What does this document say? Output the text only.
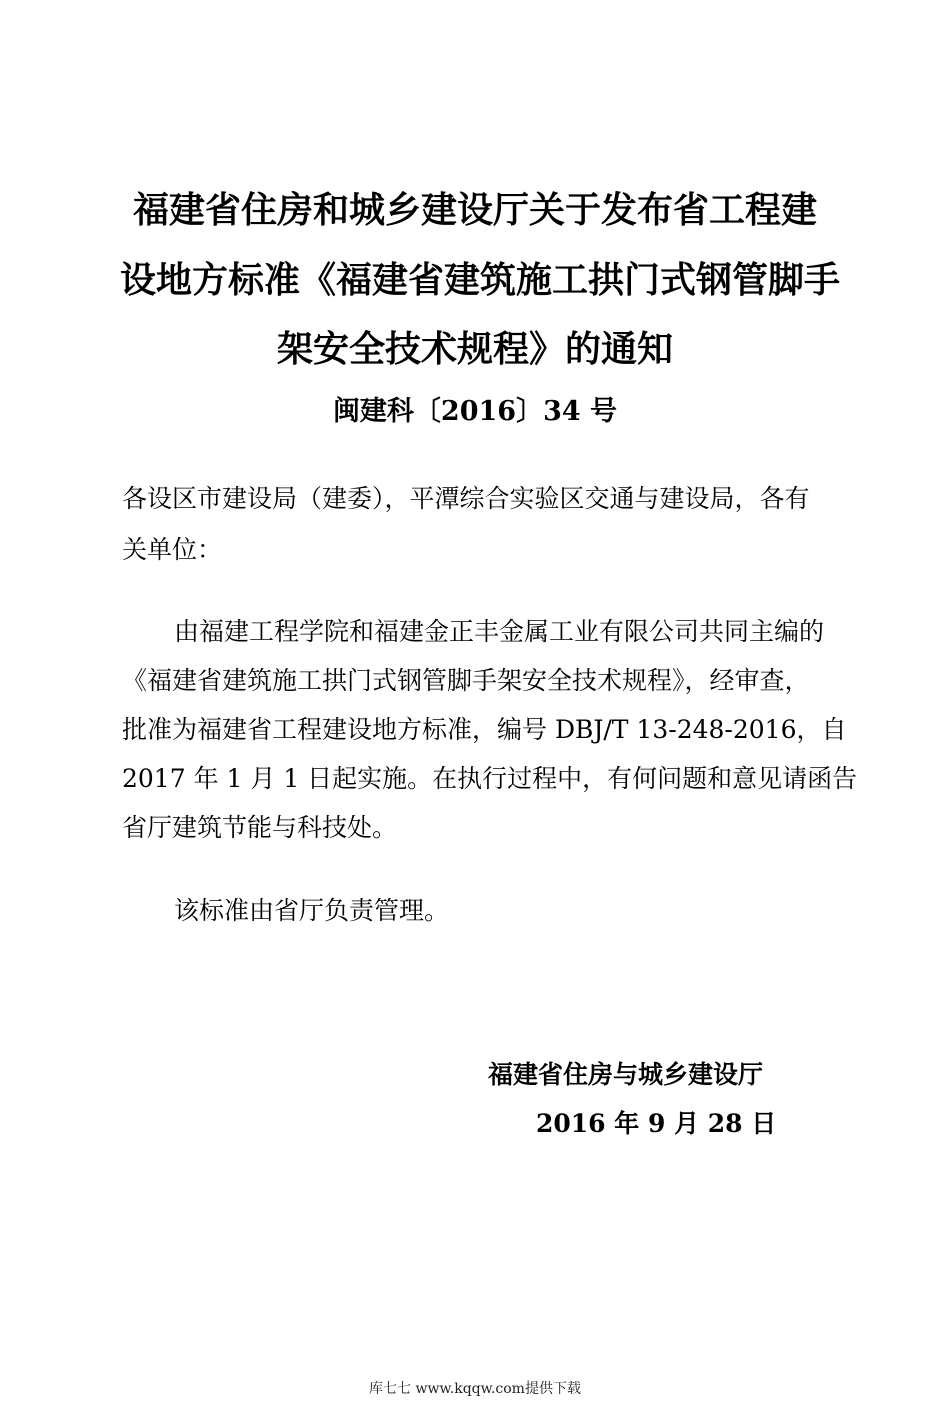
福建省住房和城乡建设厅关于发布省工程建
设地方标准《福建省建筑施工拱门式钢管脚手
架安全技术规程》的通知
闽建科〔2016〕34 号
各设区市建设局（建委），平潭综合实验区交通与建设局，各有
关单位：
由福建工程学院和福建金正丰金属工业有限公司共同主编的
《福建省建筑施工拱门式钢管脚手架安全技术规程》，经审查，
批准为福建省工程建设地方标准，编号 DBJ/T 13-248-2016，自
2017 年 1 月 1 日起实施。在执行过程中，有何问题和意见请函告
省厅建筑节能与科技处。
该标准由省厅负责管理。
福建省住房与城乡建设厅
2016 年 9 月 28 日
库七七 www.kqqw.com提供下载
